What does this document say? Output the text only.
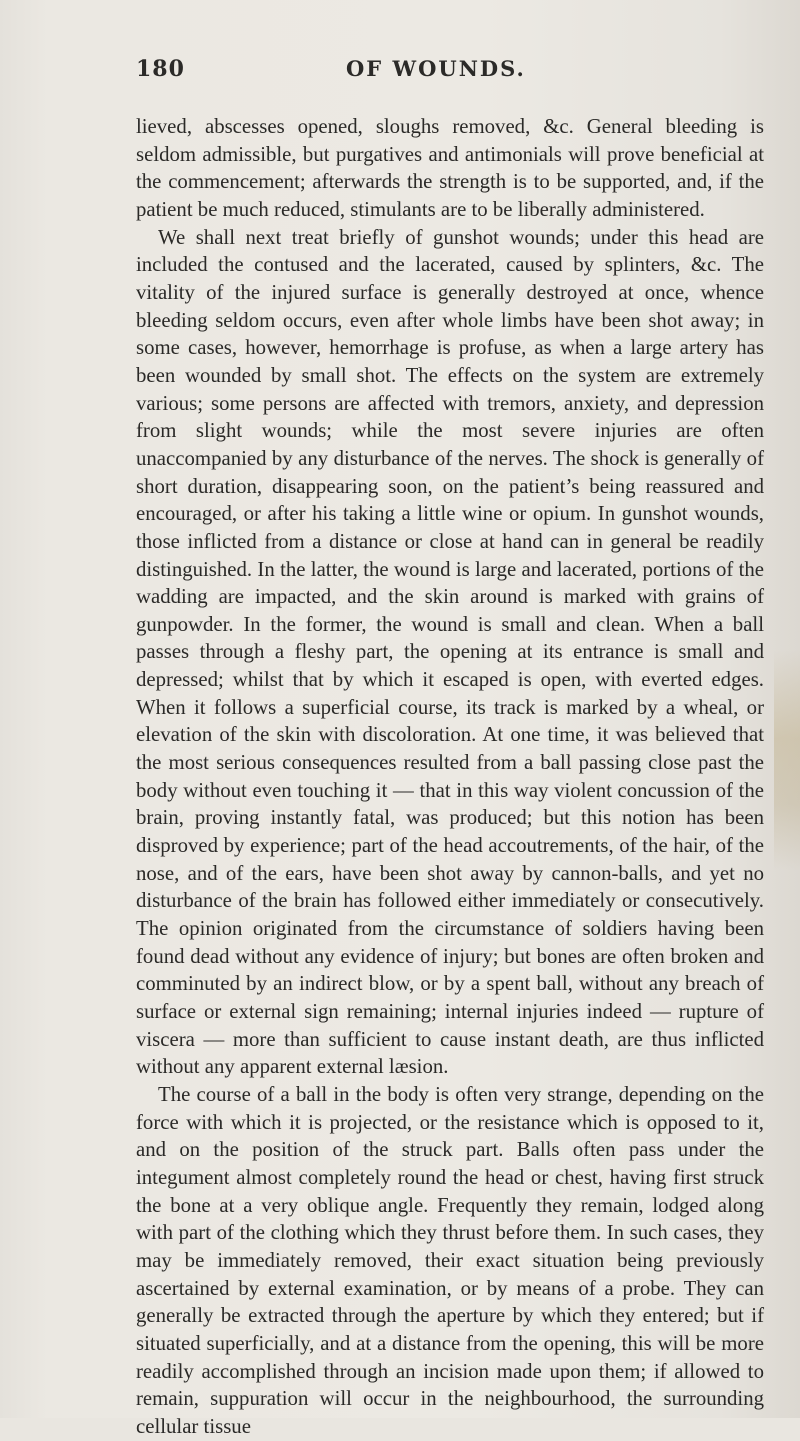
180	OF WOUNDS.

lieved, abscesses opened, sloughs removed, &c. General bleeding is seldom admissible, but purgatives and antimonials will prove beneficial at the commencement; afterwards the strength is to be supported, and, if the patient be much reduced, stimulants are to be liberally administered.

We shall next treat briefly of gunshot wounds; under this head are included the contused and the lacerated, caused by splinters, &c. The vitality of the injured surface is generally destroyed at once, whence bleeding seldom occurs, even after whole limbs have been shot away; in some cases, however, hemorrhage is profuse, as when a large artery has been wounded by small shot. The effects on the system are extremely various; some persons are affected with tremors, anxiety, and depression from slight wounds; while the most severe injuries are often unaccompanied by any disturbance of the nerves. The shock is generally of short duration, disappearing soon, on the patient’s being reassured and encouraged, or after his taking a little wine or opium. In gunshot wounds, those inflicted from a distance or close at hand can in general be readily distinguished. In the latter, the wound is large and lacerated, portions of the wadding are impacted, and the skin around is marked with grains of gunpowder. In the former, the wound is small and clean. When a ball passes through a fleshy part, the opening at its entrance is small and depressed; whilst that by which it escaped is open, with everted edges. When it follows a superficial course, its track is marked by a wheal, or elevation of the skin with discoloration. At one time, it was believed that the most serious consequences resulted from a ball passing close past the body without even touching it — that in this way violent concussion of the brain, proving instantly fatal, was produced; but this notion has been disproved by experience; part of the head accoutrements, of the hair, of the nose, and of the ears, have been shot away by cannon-balls, and yet no disturbance of the brain has followed either immediately or consecutively. The opinion originated from the circumstance of soldiers having been found dead without any evidence of injury; but bones are often broken and comminuted by an indirect blow, or by a spent ball, without any breach of surface or external sign remaining; internal injuries indeed — rupture of viscera — more than sufficient to cause instant death, are thus inflicted without any apparent external læsion.

The course of a ball in the body is often very strange, depending on the force with which it is projected, or the resistance which is opposed to it, and on the position of the struck part. Balls often pass under the integument almost completely round the head or chest, having first struck the bone at a very oblique angle. Frequently they remain, lodged along with part of the clothing which they thrust before them. In such cases, they may be immediately removed, their exact situation being previously ascertained by external examination, or by means of a probe. They can generally be extracted through the aperture by which they entered; but if situated superficially, and at a distance from the opening, this will be more readily accomplished through an incision made upon them; if allowed to remain, suppuration will occur in the neighbourhood, the surrounding cellular tissue
